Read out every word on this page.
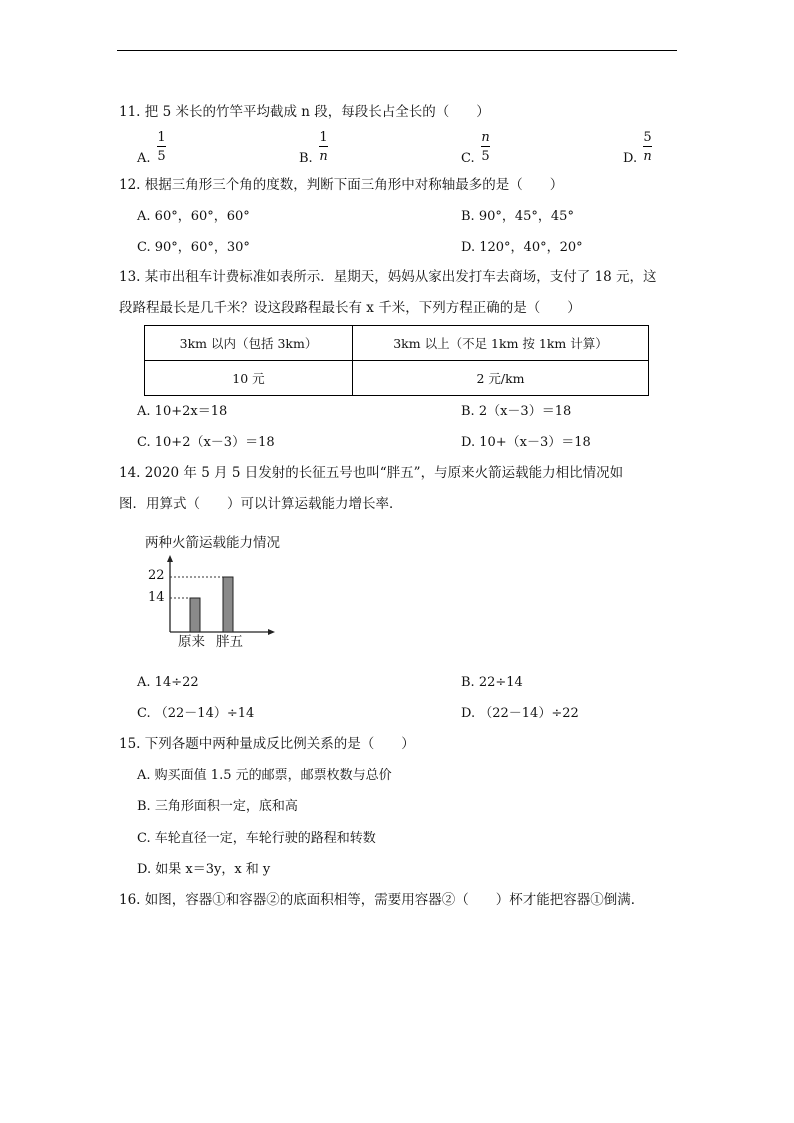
11. 把 5 米长的竹竿平均截成 n 段，每段长占全长的（　　）
A.
1
5	B.
1
n	C.
n
5	D.
5
n
12. 根据三角形三个角的度数，判断下面三角形中对称轴最多的是（　　）
A. 60°，60°，60°	B. 90°，45°，45°
C. 90°，60°，30°	D. 120°，40°，20°
13. 某市出租车计费标准如表所示．星期天，妈妈从家出发打车去商场，支付了 18 元，这
段路程最长是几千米？设这段路程最长有 x 千米，下列方程正确的是（　　）
3km 以内（包括 3km）	3km 以上（不足 1km 按 1km 计算）
10 元	2 元/km
A. 10+2x＝18	B. 2（x－3）＝18
C. 10+2（x－3）＝18	D. 10+（x－3）＝18
14. 2020 年 5 月 5 日发射的长征五号也叫“胖五”，与原来火箭运载能力相比情况如
图．用算式（　　）可以计算运载能力增长率．
两种火箭运载能力情况
22
14
原来 胖五
A. 14÷22	B. 22÷14
C. （22－14）÷14	D. （22－14）÷22
15. 下列各题中两种量成反比例关系的是（　　）
A. 购买面值 1.5 元的邮票，邮票枚数与总价
B. 三角形面积一定，底和高
C. 车轮直径一定，车轮行驶的路程和转数
D. 如果 x＝3y，x 和 y
16. 如图，容器①和容器②的底面积相等，需要用容器②（　　）杯才能把容器①倒满．
